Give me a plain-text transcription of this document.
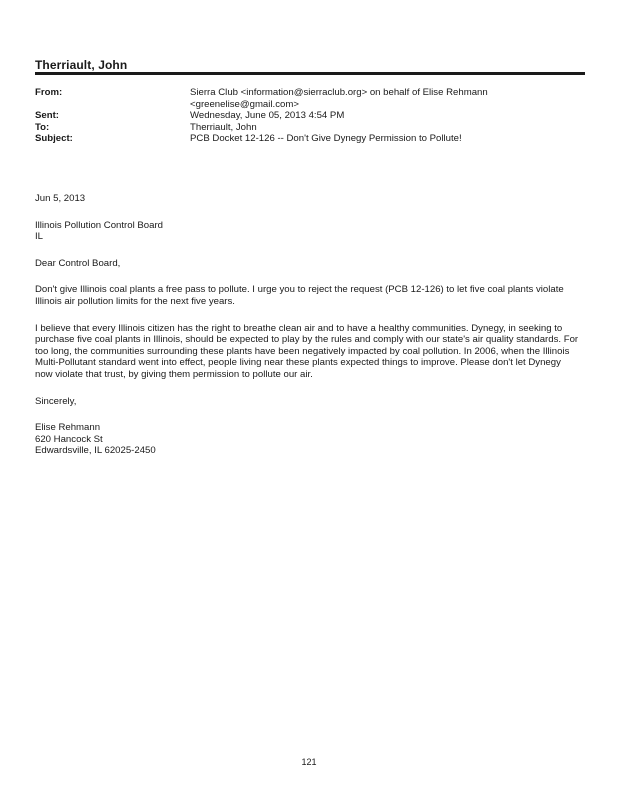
Therriault, John
From:	Sierra Club <information@sierraclub.org> on behalf of Elise Rehmann
<greenelise@gmail.com>
Sent:	Wednesday, June 05, 2013 4:54 PM
To:	Therriault, John
Subject:	PCB Docket 12-126 -- Don't Give Dynegy Permission to Pollute!

Jun 5, 2013

Illinois Pollution Control Board

IL

Dear Control Board,

Don't give Illinois coal plants a free pass to pollute. I urge you to reject the request (PCB 12-126) to let five coal plants violate Illinois air pollution limits for the next five years.

I believe that every Illinois citizen has the right to breathe clean air and to have a healthy communities. Dynegy, in seeking to purchase five coal plants in Illinois, should be expected to play by the rules and comply with our state's air quality standards. For too long, the communities surrounding these plants have been negatively impacted by coal pollution. In 2006, when the Illinois Multi-Pollutant standard went into effect, people living near these plants expected things to improve. Please don't let Dynegy now violate that trust, by giving them permission to pollute our air.

Sincerely,

Elise Rehmann

620 Hancock St

Edwardsville, IL 62025-2450

121
